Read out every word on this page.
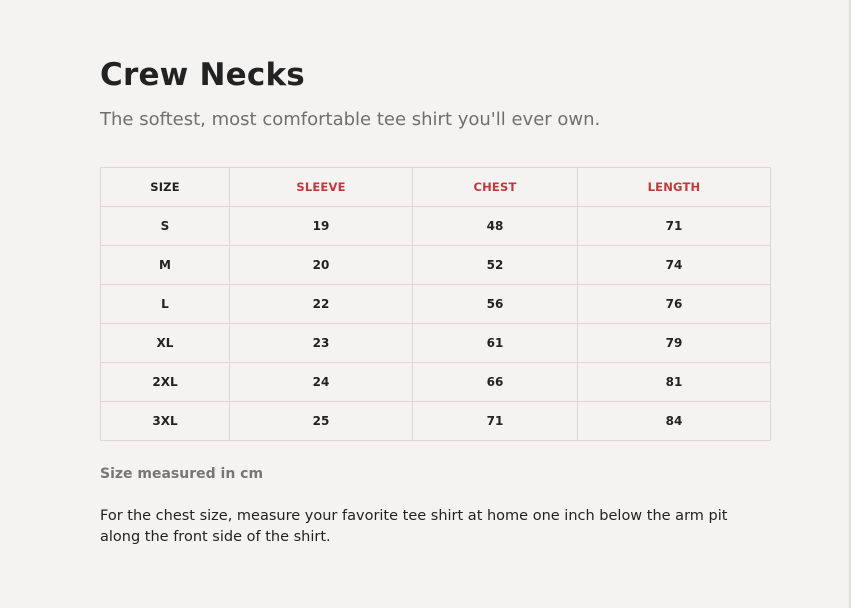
Crew Necks

The softest, most comfortable tee shirt you'll ever own.

SIZE	SLEEVE	CHEST	LENGTH
S	19	48	71
M	20	52	74
L	22	56	76
XL	23	61	79
2XL	24	66	81
3XL	25	71	84

Size measured in cm

For the chest size, measure your favorite tee shirt at home one inch below the arm pit along the front side of the shirt.
